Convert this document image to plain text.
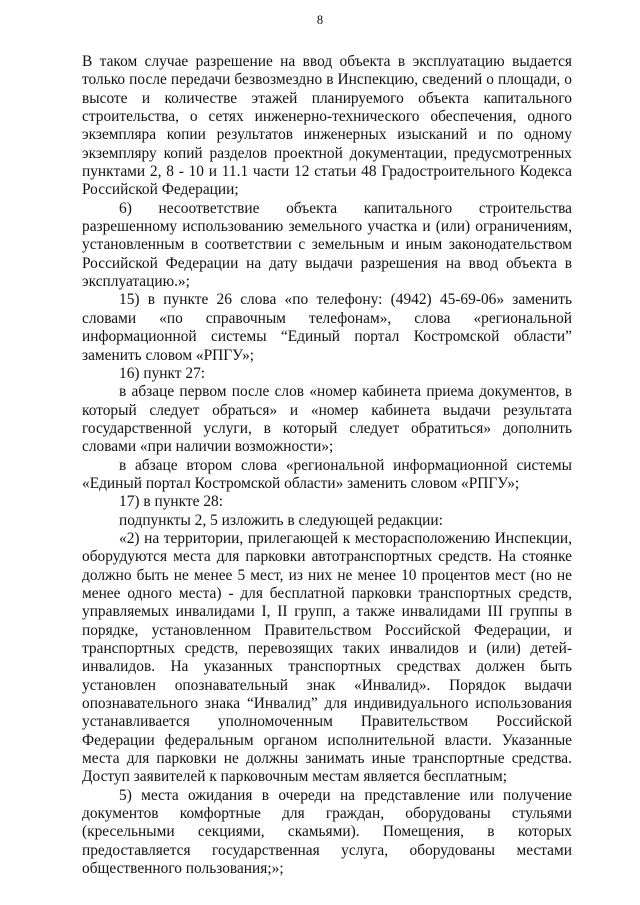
8

В таком случае разрешение на ввод объекта в эксплуатацию выдается только после передачи безвозмездно в Инспекцию, сведений о площади, о высоте и количестве этажей планируемого объекта капитального строительства, о сетях инженерно-технического обеспечения, одного экземпляра копии результатов инженерных изысканий и по одному экземпляру копий разделов проектной документации, предусмотренных пунктами 2, 8 - 10 и 11.1 части 12 статьи 48 Градостроительного Кодекса Российской Федерации;

6) несоответствие объекта капитального строительства разрешенному использованию земельного участка и (или) ограничениям, установленным в соответствии с земельным и иным законодательством Российской Федерации на дату выдачи разрешения на ввод объекта в эксплуатацию.»;

15) в пункте 26 слова «по телефону: (4942) 45-69-06» заменить словами «по справочным телефонам», слова «региональной информационной системы “Единый портал Костромской области” заменить словом «РПГУ»;

16) пункт 27:

в абзаце первом после слов «номер кабинета приема документов, в который следует обраться» и «номер кабинета выдачи результата государственной услуги, в который следует обратиться» дополнить словами «при наличии возможности»;

в абзаце втором слова «региональной информационной системы «Единый портал Костромской области» заменить словом «РПГУ»;

17) в пункте 28:

подпункты 2, 5 изложить в следующей редакции:

«2) на территории, прилегающей к месторасположению Инспекции, оборудуются места для парковки автотранспортных средств. На стоянке должно быть не менее 5 мест, из них не менее 10 процентов мест (но не менее одного места) - для бесплатной парковки транспортных средств, управляемых инвалидами I, II групп, а также инвалидами III группы в порядке, установленном Правительством Российской Федерации, и транспортных средств, перевозящих таких инвалидов и (или) детей-инвалидов. На указанных транспортных средствах должен быть установлен опознавательный знак «Инвалид». Порядок выдачи опознавательного знака “Инвалид” для индивидуального использования устанавливается уполномоченным Правительством Российской Федерации федеральным органом исполнительной власти. Указанные места для парковки не должны занимать иные транспортные средства. Доступ заявителей к парковочным местам является бесплатным;

5) места ожидания в очереди на представление или получение документов комфортные для граждан, оборудованы стульями (кресельными секциями, скамьями). Помещения, в которых предоставляется государственная услуга, оборудованы местами общественного пользования;»;
